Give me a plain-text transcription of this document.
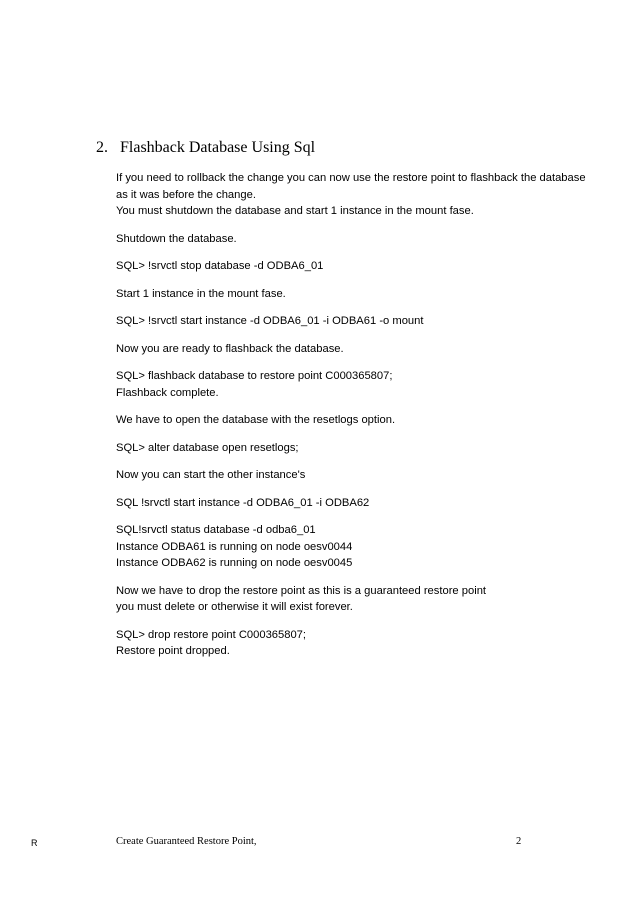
2. Flashback Database Using Sql

If you need to rollback the change you can now use the restore point to flashback the database
as it was before the change.
You must shutdown the database and start 1 instance in the mount fase.

Shutdown the database.

SQL> !srvctl stop database -d ODBA6_01

Start 1 instance in the mount fase.

SQL> !srvctl start instance -d ODBA6_01 -i ODBA61 -o mount

Now you are ready to flashback the database.

SQL> flashback database to restore point C000365807;
Flashback complete.

We have to open the database with the resetlogs option.

SQL> alter database open resetlogs;

Now you can start the other instance's

SQL !srvctl start instance -d ODBA6_01 -i ODBA62

SQL!srvctl status database -d odba6_01
Instance ODBA61 is running on node oesv0044
Instance ODBA62 is running on node oesv0045

Now we have to drop the restore point as this is a guaranteed restore point
you must delete or otherwise it will exist forever.

SQL> drop restore point C000365807;
Restore point dropped.

R	Create Guaranteed Restore Point,	2
